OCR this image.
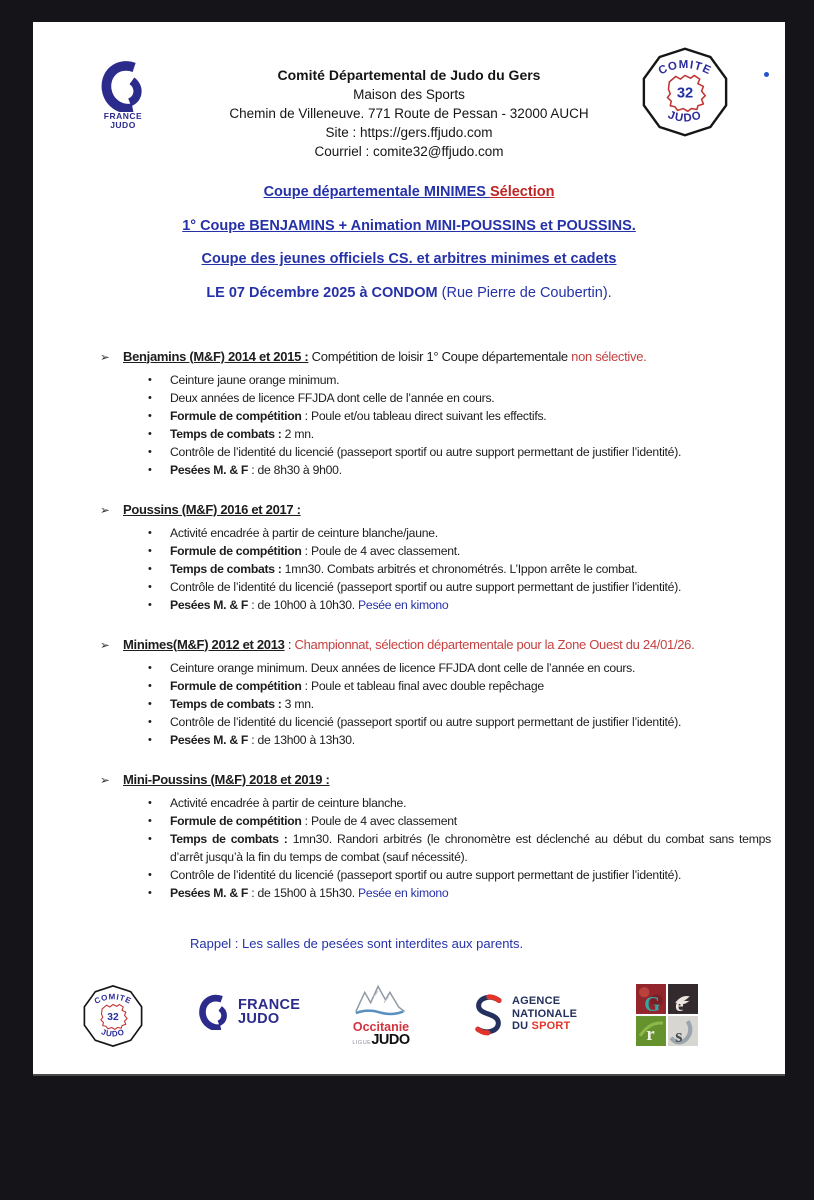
FRANCE
JUDO
Comité Départemental de Judo du Gers
Maison des Sports
Chemin de Villeneuve. 771 Route de Pessan - 32000 AUCH
Site : https://gers.ffjudo.com
Courriel : comite32@ffjudo.com
COMITE
JUDO
32
Coupe départementale MINIMES Sélection
1° Coupe BENJAMINS + Animation MINI-POUSSINS et POUSSINS.
Coupe des jeunes officiels CS. et arbitres minimes et cadets
LE 07 Décembre 2025 à CONDOM (Rue Pierre de Coubertin).
➢ Benjamins (M&F) 2014 et 2015 : Compétition de loisir 1° Coupe départementale non sélective.
•	Ceinture jaune orange minimum.
•	Deux années de licence FFJDA dont celle de l’année en cours.
•	Formule de compétition : Poule et/ou tableau direct suivant les effectifs.
•	Temps de combats : 2 mn.
•	Contrôle de l’identité du licencié (passeport sportif ou autre support permettant de justifier l’identité).
•	Pesées M. & F : de 8h30 à 9h00.
➢ Poussins (M&F) 2016 et 2017 :
•	Activité encadrée à partir de ceinture blanche/jaune.
•	Formule de compétition : Poule de 4 avec classement.
•	Temps de combats : 1mn30. Combats arbitrés et chronométrés. L’Ippon arrête le combat.
•	Contrôle de l’identité du licencié (passeport sportif ou autre support permettant de justifier l’identité).
•	Pesées M. & F : de 10h00 à 10h30. Pesée en kimono
➢ Minimes(M&F) 2012 et 2013 : Championnat, sélection départementale pour la Zone Ouest du 24/01/26.
•	Ceinture orange minimum. Deux années de licence FFJDA dont celle de l’année en cours.
•	Formule de compétition : Poule et tableau final avec double repêchage
•	Temps de combats : 3 mn.
•	Contrôle de l’identité du licencié (passeport sportif ou autre support permettant de justifier l’identité).
•	Pesées M. & F : de 13h00 à 13h30.
➢ Mini-Poussins (M&F) 2018 et 2019 :
•	Activité encadrée à partir de ceinture blanche.
•	Formule de compétition : Poule de 4 avec classement
•	Temps de combats : 1mn30. Randori arbitrés (le chronomètre est déclenché au début du combat sans temps d’arrêt jusqu’à la fin du temps de combat (sauf nécessité).
•	Contrôle de l’identité du licencié (passeport sportif ou autre support permettant de justifier l’identité).
•	Pesées M. & F : de 15h00 à 15h30. Pesée en kimono
Rappel : Les salles de pesées sont interdites aux parents.
COMITE
JUDO
32
FRANCE
JUDO	Occitanie
LIGUEJUDO
AGENCE
NATIONALE
DU SPORT
G e
r s
